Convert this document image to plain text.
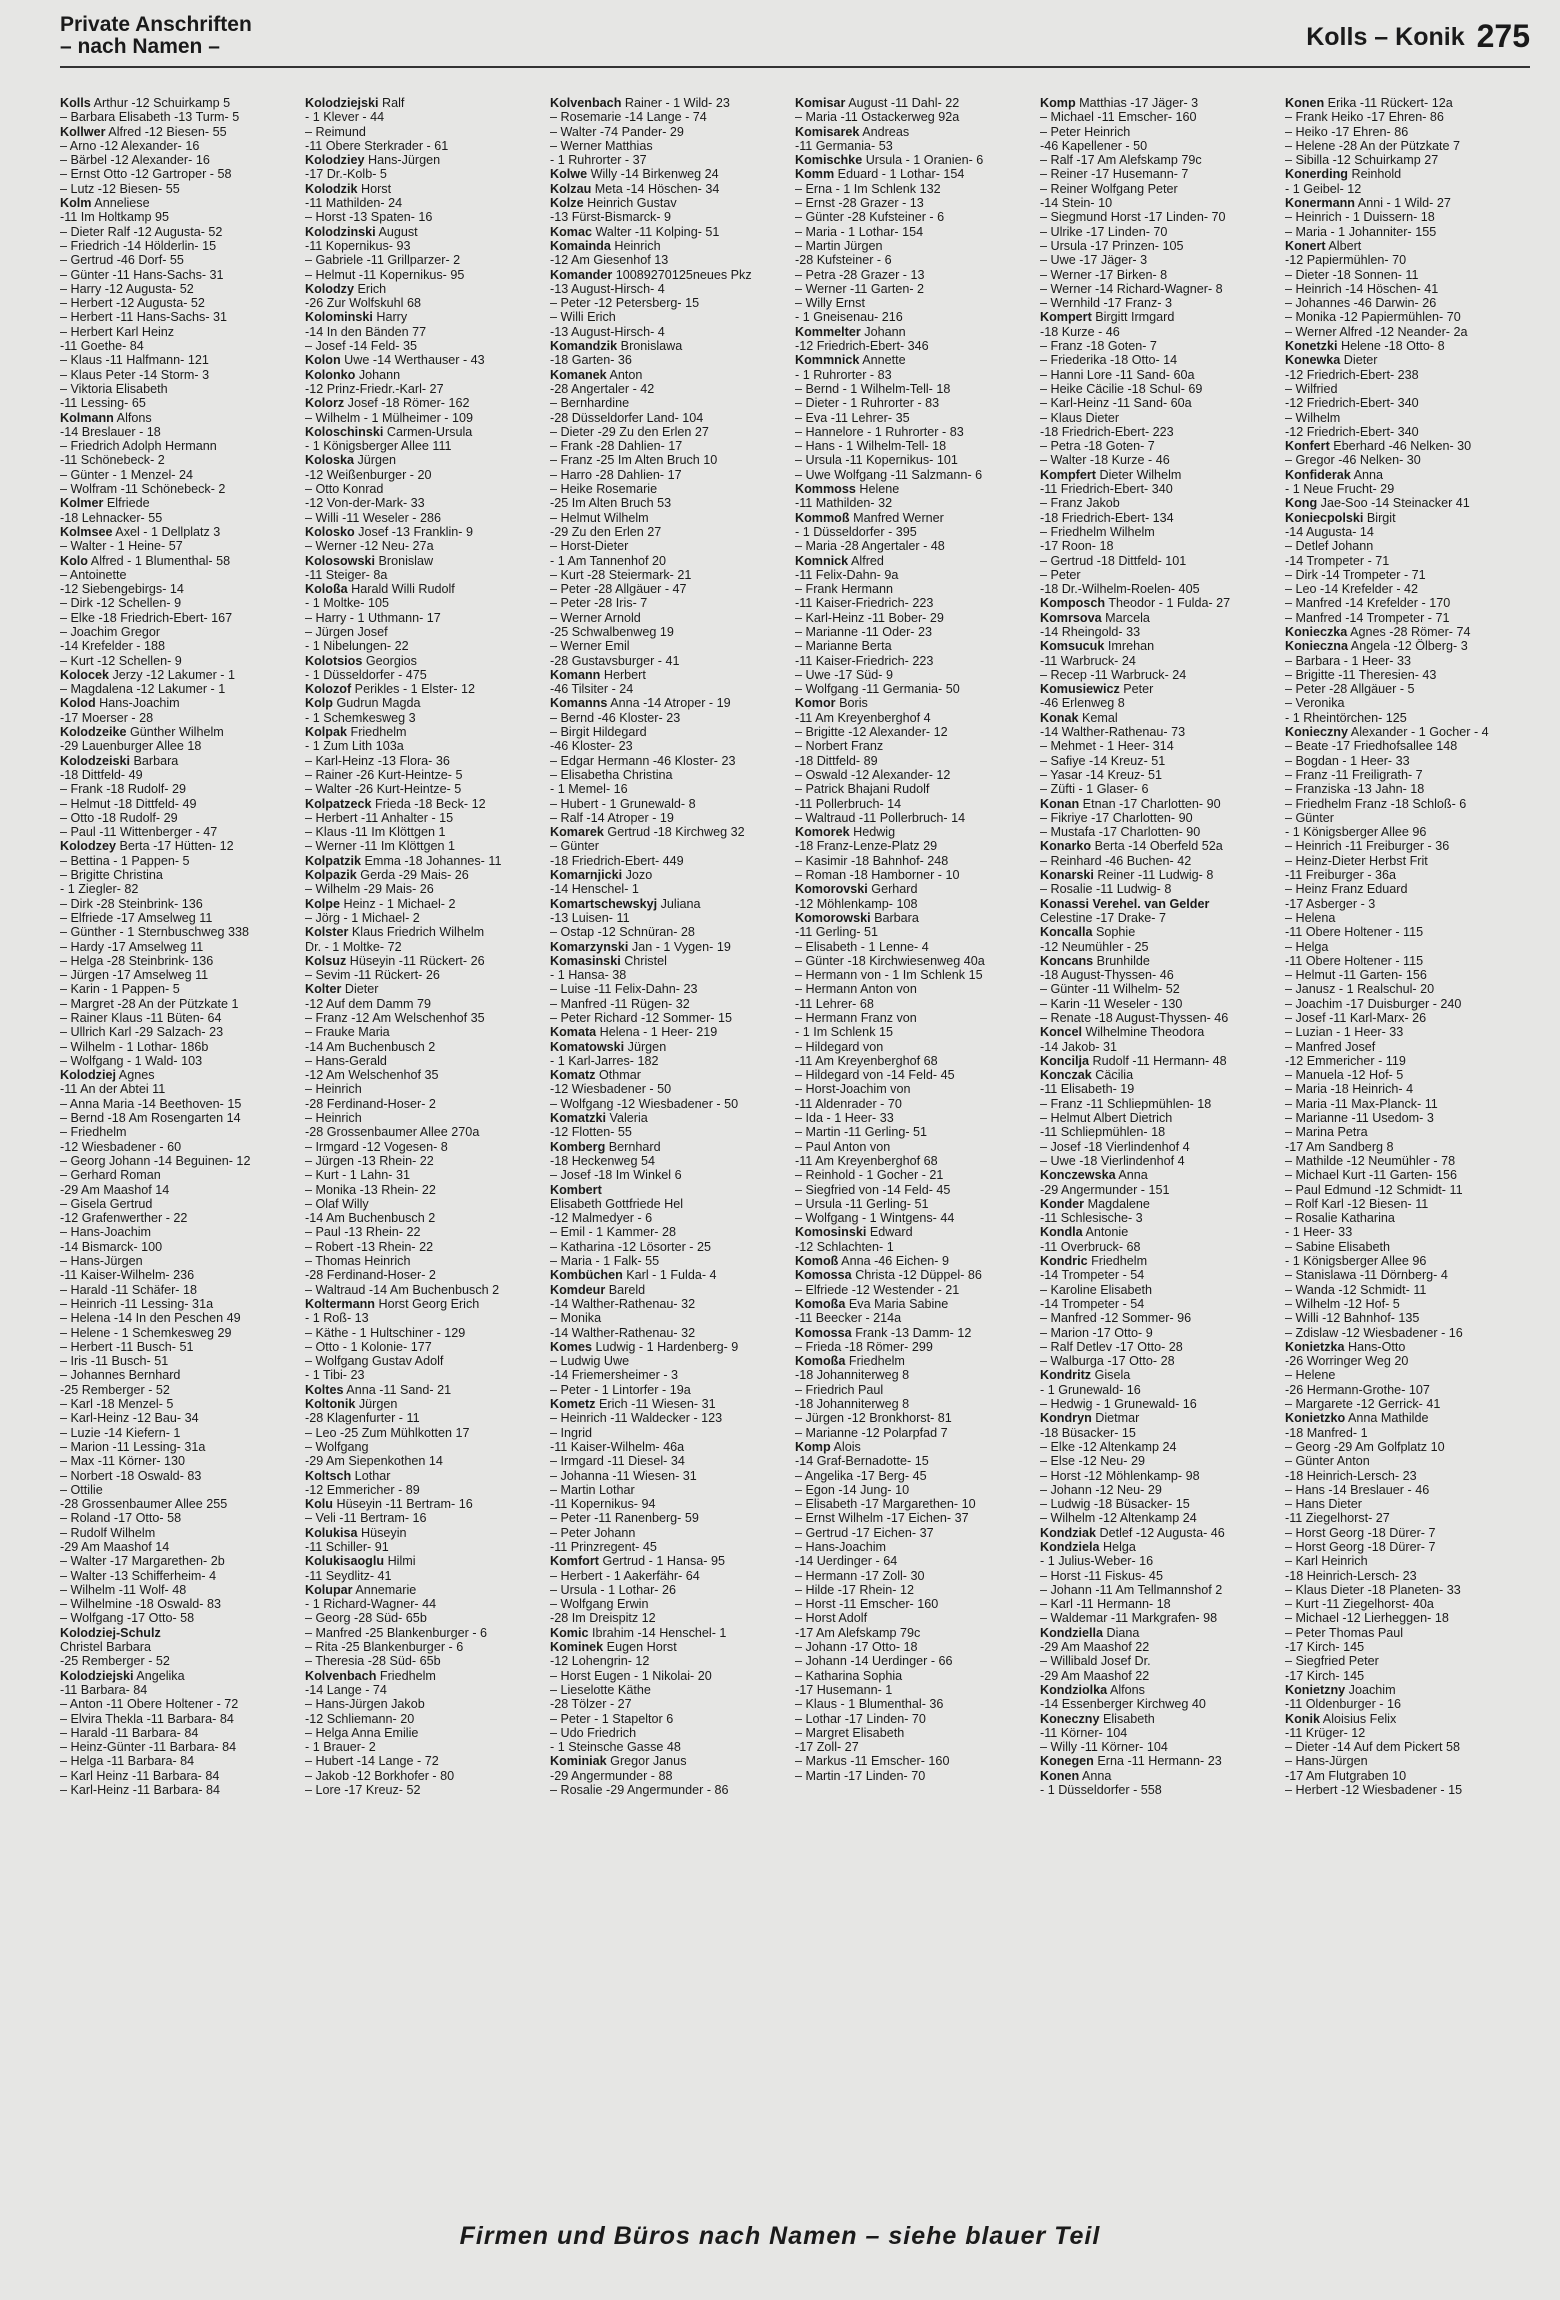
Private Anschriften
– nach Namen –	Kolls – Konik 275
Kolls Arthur -12 Schuirkamp 5
– Barbara Elisabeth -13 Turm- 5
Kollwer Alfred -12 Biesen- 55
– Arno -12 Alexander- 16
– Bärbel -12 Alexander- 16
– Ernst Otto -12 Gartroper - 58
– Lutz -12 Biesen- 55
Kolm Anneliese
-11 Im Holtkamp 95
– Dieter Ralf -12 Augusta- 52
– Friedrich -14 Hölderlin- 15
– Gertrud -46 Dorf- 55
– Günter -11 Hans-Sachs- 31
– Harry -12 Augusta- 52
– Herbert -12 Augusta- 52
– Herbert -11 Hans-Sachs- 31
– Herbert Karl Heinz
-11 Goethe- 84
– Klaus -11 Halfmann- 121
– Klaus Peter -14 Storm- 3
– Viktoria Elisabeth
-11 Lessing- 65
Kolmann Alfons
-14 Breslauer - 18
– Friedrich Adolph Hermann
-11 Schönebeck- 2
– Günter - 1 Menzel- 24
– Wolfram -11 Schönebeck- 2
Kolmer Elfriede
-18 Lehnacker- 55
Kolmsee Axel - 1 Dellplatz 3
– Walter - 1 Heine- 57
Kolo Alfred - 1 Blumenthal- 58
– Antoinette
-12 Siebengebirgs- 14
– Dirk -12 Schellen- 9
– Elke -18 Friedrich-Ebert- 167
– Joachim Gregor
-14 Krefelder - 188
– Kurt -12 Schellen- 9
Kolocek Jerzy -12 Lakumer - 1
– Magdalena -12 Lakumer - 1
Kolod Hans-Joachim
-17 Moerser - 28
Kolodzeike Günther Wilhelm
-29 Lauenburger Allee 18
Kolodzeiski Barbara
-18 Dittfeld- 49
– Frank -18 Rudolf- 29
– Helmut -18 Dittfeld- 49
– Otto -18 Rudolf- 29
– Paul -11 Wittenberger - 47
Kolodzey Berta -17 Hütten- 12
– Bettina - 1 Pappen- 5
– Brigitte Christina
- 1 Ziegler- 82
– Dirk -28 Steinbrink- 136
– Elfriede -17 Amselweg 11
– Günther - 1 Sternbuschweg 338
– Hardy -17 Amselweg 11
– Helga -28 Steinbrink- 136
– Jürgen -17 Amselweg 11
– Karin - 1 Pappen- 5
– Margret -28 An der Pützkate 1
– Rainer Klaus -11 Büten- 64
– Ullrich Karl -29 Salzach- 23
– Wilhelm - 1 Lothar- 186b
– Wolfgang - 1 Wald- 103
Kolodziej Agnes
-11 An der Abtei 11
– Anna Maria -14 Beethoven- 15
– Bernd -18 Am Rosengarten 14
– Friedhelm
-12 Wiesbadener - 60
– Georg Johann -14 Beguinen- 12
– Gerhard Roman
-29 Am Maashof 14
– Gisela Gertrud
-12 Grafenwerther - 22
– Hans-Joachim
-14 Bismarck- 100
– Hans-Jürgen
-11 Kaiser-Wilhelm- 236
– Harald -11 Schäfer- 18
– Heinrich -11 Lessing- 31a
– Helena -14 In den Peschen 49
– Helene - 1 Schemkesweg 29
– Herbert -11 Busch- 51
– Iris -11 Busch- 51
– Johannes Bernhard
-25 Remberger - 52
– Karl -18 Menzel- 5
– Karl-Heinz -12 Bau- 34
– Luzie -14 Kiefern- 1
– Marion -11 Lessing- 31a
– Max -11 Körner- 130
– Norbert -18 Oswald- 83
– Ottilie
-28 Grossenbaumer Allee 255
– Roland -17 Otto- 58
– Rudolf Wilhelm
-29 Am Maashof 14
– Walter -17 Margarethen- 2b
– Walter -13 Schifferheim- 4
– Wilhelm -11 Wolf- 48
– Wilhelmine -18 Oswald- 83
– Wolfgang -17 Otto- 58
Kolodziej-Schulz
Christel Barbara
-25 Remberger - 52
Kolodziejski Angelika
-11 Barbara- 84
– Anton -11 Obere Holtener - 72
– Elvira Thekla -11 Barbara- 84
– Harald -11 Barbara- 84
– Heinz-Günter -11 Barbara- 84
– Helga -11 Barbara- 84
– Karl Heinz -11 Barbara- 84
– Karl-Heinz -11 Barbara- 84
Kolodziejski Ralf
- 1 Klever - 44
– Reimund
-11 Obere Sterkrader - 61
Kolodziey Hans-Jürgen
-17 Dr.-Kolb- 5
Kolodzik Horst
-11 Mathilden- 24
– Horst -13 Spaten- 16
Kolodzinski August
-11 Kopernikus- 93
– Gabriele -11 Grillparzer- 2
– Helmut -11 Kopernikus- 95
Kolodzy Erich
-26 Zur Wolfskuhl 68
Kolominski Harry
-14 In den Bänden 77
– Josef -14 Feld- 35
Kolon Uwe -14 Werthauser - 43
Kolonko Johann
-12 Prinz-Friedr.-Karl- 27
Kolorz Josef -18 Römer- 162
– Wilhelm - 1 Mülheimer - 109
Koloschinski Carmen-Ursula
- 1 Königsberger Allee 111
Koloska Jürgen
-12 Weißenburger - 20
– Otto Konrad
-12 Von-der-Mark- 33
– Willi -11 Weseler - 286
Kolosko Josef -13 Franklin- 9
– Werner -12 Neu- 27a
Kolosowski Bronislaw
-11 Steiger- 8a
Koloßa Harald Willi Rudolf
- 1 Moltke- 105
– Harry - 1 Uthmann- 17
– Jürgen Josef
- 1 Nibelungen- 22
Kolotsios Georgios
- 1 Düsseldorfer - 475
Kolozof Perikles - 1 Elster- 12
Kolp Gudrun Magda
- 1 Schemkesweg 3
Kolpak Friedhelm
- 1 Zum Lith 103a
– Karl-Heinz -13 Flora- 36
– Rainer -26 Kurt-Heintze- 5
– Walter -26 Kurt-Heintze- 5
Kolpatzeck Frieda -18 Beck- 12
– Herbert -11 Anhalter - 15
– Klaus -11 Im Klöttgen 1
– Werner -11 Im Klöttgen 1
Kolpatzik Emma -18 Johannes- 11
Kolpazik Gerda -29 Mais- 26
– Wilhelm -29 Mais- 26
Kolpe Heinz - 1 Michael- 2
– Jörg - 1 Michael- 2
Kolster Klaus Friedrich Wilhelm
Dr. - 1 Moltke- 72
Kolsuz Hüseyin -11 Rückert- 26
– Sevim -11 Rückert- 26
Kolter Dieter
-12 Auf dem Damm 79
– Franz -12 Am Welschenhof 35
– Frauke Maria
-14 Am Buchenbusch 2
– Hans-Gerald
-12 Am Welschenhof 35
– Heinrich
-28 Ferdinand-Hoser- 2
– Heinrich
-28 Grossenbaumer Allee 270a
– Irmgard -12 Vogesen- 8
– Jürgen -13 Rhein- 22
– Kurt - 1 Lahn- 31
– Monika -13 Rhein- 22
– Olaf Willy
-14 Am Buchenbusch 2
– Paul -13 Rhein- 22
– Robert -13 Rhein- 22
– Thomas Heinrich
-28 Ferdinand-Hoser- 2
– Waltraud -14 Am Buchenbusch 2
Koltermann Horst Georg Erich
- 1 Roß- 13
– Käthe - 1 Hultschiner - 129
– Otto - 1 Kolonie- 177
– Wolfgang Gustav Adolf
- 1 Tibi- 23
Koltes Anna -11 Sand- 21
Koltonik Jürgen
-28 Klagenfurter - 11
– Leo -25 Zum Mühlkotten 17
– Wolfgang
-29 Am Siepenkothen 14
Koltsch Lothar
-12 Emmericher - 89
Kolu Hüseyin -11 Bertram- 16
– Veli -11 Bertram- 16
Kolukisa Hüseyin
-11 Schiller- 91
Kolukisaoglu Hilmi
-11 Seydlitz- 41
Kolupar Annemarie
- 1 Richard-Wagner- 44
– Georg -28 Süd- 65b
– Manfred -25 Blankenburger - 6
– Rita -25 Blankenburger - 6
– Theresia -28 Süd- 65b
Kolvenbach Friedhelm
-14 Lange - 74
– Hans-Jürgen Jakob
-12 Schliemann- 20
– Helga Anna Emilie
- 1 Brauer- 2
– Hubert -14 Lange - 72
– Jakob -12 Borkhofer - 80
– Lore -17 Kreuz- 52
Kolvenbach Rainer - 1 Wild- 23
– Rosemarie -14 Lange - 74
– Walter -74 Pander- 29
– Werner Matthias
- 1 Ruhrorter - 37
Kolwe Willy -14 Birkenweg 24
Kolzau Meta -14 Höschen- 34
Kolze Heinrich Gustav
-13 Fürst-Bismarck- 9
Komac Walter -11 Kolping- 51
Komainda Heinrich
-12 Am Giesenhof 13
Komander 10089270125neues Pkz
-13 August-Hirsch- 4
– Peter -12 Petersberg- 15
– Willi Erich
-13 August-Hirsch- 4
Komandzik Bronislawa
-18 Garten- 36
Komanek Anton
-28 Angertaler - 42
– Bernhardine
-28 Düsseldorfer Land- 104
– Dieter -29 Zu den Erlen 27
– Frank -28 Dahlien- 17
– Franz -25 Im Alten Bruch 10
– Harro -28 Dahlien- 17
– Heike Rosemarie
-25 Im Alten Bruch 53
– Helmut Wilhelm
-29 Zu den Erlen 27
– Horst-Dieter
- 1 Am Tannenhof 20
– Kurt -28 Steiermark- 21
– Peter -28 Allgäuer - 47
– Peter -28 Iris- 7
– Werner Arnold
-25 Schwalbenweg 19
– Werner Emil
-28 Gustavsburger - 41
Komann Herbert
-46 Tilsiter - 24
Komanns Anna -14 Atroper - 19
– Bernd -46 Kloster- 23
– Birgit Hildegard
-46 Kloster- 23
– Edgar Hermann -46 Kloster- 23
– Elisabetha Christina
- 1 Memel- 16
– Hubert - 1 Grunewald- 8
– Ralf -14 Atroper - 19
Komarek Gertrud -18 Kirchweg 32
– Günter
-18 Friedrich-Ebert- 449
Komarnjicki Jozo
-14 Henschel- 1
Komartschewskyj Juliana
-13 Luisen- 11
– Ostap -12 Schnüran- 28
Komarzynski Jan - 1 Vygen- 19
Komasinski Christel
- 1 Hansa- 38
– Luise -11 Felix-Dahn- 23
– Manfred -11 Rügen- 32
– Peter Richard -12 Sommer- 15
Komata Helena - 1 Heer- 219
Komatowski Jürgen
- 1 Karl-Jarres- 182
Komatz Othmar
-12 Wiesbadener - 50
– Wolfgang -12 Wiesbadener - 50
Komatzki Valeria
-12 Flotten- 55
Komberg Bernhard
-18 Heckenweg 54
– Josef -18 Im Winkel 6
Kombert
Elisabeth Gottfriede Hel
-12 Malmedyer - 6
– Emil - 1 Kammer- 28
– Katharina -12 Lösorter - 25
– Maria - 1 Falk- 55
Kombüchen Karl - 1 Fulda- 4
Komdeur Bareld
-14 Walther-Rathenau- 32
– Monika
-14 Walther-Rathenau- 32
Komes Ludwig - 1 Hardenberg- 9
– Ludwig Uwe
-14 Friemersheimer - 3
– Peter - 1 Lintorfer - 19a
Kometz Erich -11 Wiesen- 31
– Heinrich -11 Waldecker - 123
– Ingrid
-11 Kaiser-Wilhelm- 46a
– Irmgard -11 Diesel- 34
– Johanna -11 Wiesen- 31
– Martin Lothar
-11 Kopernikus- 94
– Peter -11 Ranenberg- 59
– Peter Johann
-11 Prinzregent- 45
Komfort Gertrud - 1 Hansa- 95
– Herbert - 1 Aakerfähr- 64
– Ursula - 1 Lothar- 26
– Wolfgang Erwin
-28 Im Dreispitz 12
Komic Ibrahim -14 Henschel- 1
Kominek Eugen Horst
-12 Lohengrin- 12
– Horst Eugen - 1 Nikolai- 20
– Lieselotte Käthe
-28 Tölzer - 27
– Peter - 1 Stapeltor 6
– Udo Friedrich
- 1 Steinsche Gasse 48
Kominiak Gregor Janus
-29 Angermunder - 88
– Rosalie -29 Angermunder - 86
Komisar August -11 Dahl- 22
– Maria -11 Ostackerweg 92a
Komisarek Andreas
-11 Germania- 53
Komischke Ursula - 1 Oranien- 6
Komm Eduard - 1 Lothar- 154
– Erna - 1 Im Schlenk 132
– Ernst -28 Grazer - 13
– Günter -28 Kufsteiner - 6
– Maria - 1 Lothar- 154
– Martin Jürgen
-28 Kufsteiner - 6
– Petra -28 Grazer - 13
– Werner -11 Garten- 2
– Willy Ernst
- 1 Gneisenau- 216
Kommelter Johann
-12 Friedrich-Ebert- 346
Kommnick Annette
- 1 Ruhrorter - 83
– Bernd - 1 Wilhelm-Tell- 18
– Dieter - 1 Ruhrorter - 83
– Eva -11 Lehrer- 35
– Hannelore - 1 Ruhrorter - 83
– Hans - 1 Wilhelm-Tell- 18
– Ursula -11 Kopernikus- 101
– Uwe Wolfgang -11 Salzmann- 6
Kommoss Helene
-11 Mathilden- 32
Kommoß Manfred Werner
- 1 Düsseldorfer - 395
– Maria -28 Angertaler - 48
Komnick Alfred
-11 Felix-Dahn- 9a
– Frank Hermann
-11 Kaiser-Friedrich- 223
– Karl-Heinz -11 Bober- 29
– Marianne -11 Oder- 23
– Marianne Berta
-11 Kaiser-Friedrich- 223
– Uwe -17 Süd- 9
– Wolfgang -11 Germania- 50
Komor Boris
-11 Am Kreyenberghof 4
– Brigitte -12 Alexander- 12
– Norbert Franz
-18 Dittfeld- 89
– Oswald -12 Alexander- 12
– Patrick Bhajani Rudolf
-11 Pollerbruch- 14
– Waltraud -11 Pollerbruch- 14
Komorek Hedwig
-18 Franz-Lenze-Platz 29
– Kasimir -18 Bahnhof- 248
– Roman -18 Hamborner - 10
Komorovski Gerhard
-12 Möhlenkamp- 108
Komorowski Barbara
-11 Gerling- 51
– Elisabeth - 1 Lenne- 4
– Günter -18 Kirchwiesenweg 40a
– Hermann von - 1 Im Schlenk 15
– Hermann Anton von
-11 Lehrer- 68
– Hermann Franz von
- 1 Im Schlenk 15
– Hildegard von
-11 Am Kreyenberghof 68
– Hildegard von -14 Feld- 45
– Horst-Joachim von
-11 Aldenrader - 70
– Ida - 1 Heer- 33
– Martin -11 Gerling- 51
– Paul Anton von
-11 Am Kreyenberghof 68
– Reinhold - 1 Gocher - 21
– Siegfried von -14 Feld- 45
– Ursula -11 Gerling- 51
– Wolfgang - 1 Wintgens- 44
Komosinski Edward
-12 Schlachten- 1
Komoß Anna -46 Eichen- 9
Komossa Christa -12 Düppel- 86
– Elfriede -12 Westender - 21
Komoßa Eva Maria Sabine
-11 Beecker - 214a
Komossa Frank -13 Damm- 12
– Frieda -18 Römer- 299
Komoßa Friedhelm
-18 Johanniterweg 8
– Friedrich Paul
-18 Johanniterweg 8
– Jürgen -12 Bronkhorst- 81
– Marianne -12 Polarpfad 7
Komp Alois
-14 Graf-Bernadotte- 15
– Angelika -17 Berg- 45
– Egon -14 Jung- 10
– Elisabeth -17 Margarethen- 10
– Ernst Wilhelm -17 Eichen- 37
– Gertrud -17 Eichen- 37
– Hans-Joachim
-14 Uerdinger - 64
– Hermann -17 Zoll- 30
– Hilde -17 Rhein- 12
– Horst -11 Emscher- 160
– Horst Adolf
-17 Am Alefskamp 79c
– Johann -17 Otto- 18
– Johann -14 Uerdinger - 66
– Katharina Sophia
-17 Husemann- 1
– Klaus - 1 Blumenthal- 36
– Lothar -17 Linden- 70
– Margret Elisabeth
-17 Zoll- 27
– Markus -11 Emscher- 160
– Martin -17 Linden- 70
Komp Matthias -17 Jäger- 3
– Michael -11 Emscher- 160
– Peter Heinrich
-46 Kapellener - 50
– Ralf -17 Am Alefskamp 79c
– Reiner -17 Husemann- 7
– Reiner Wolfgang Peter
-14 Stein- 10
– Siegmund Horst -17 Linden- 70
– Ulrike -17 Linden- 70
– Ursula -17 Prinzen- 105
– Uwe -17 Jäger- 3
– Werner -17 Birken- 8
– Werner -14 Richard-Wagner- 8
– Wernhild -17 Franz- 3
Kompert Birgitt Irmgard
-18 Kurze - 46
– Franz -18 Goten- 7
– Friederika -18 Otto- 14
– Hanni Lore -11 Sand- 60a
– Heike Cäcilie -18 Schul- 69
– Karl-Heinz -11 Sand- 60a
– Klaus Dieter
-18 Friedrich-Ebert- 223
– Petra -18 Goten- 7
– Walter -18 Kurze - 46
Kompfert Dieter Wilhelm
-11 Friedrich-Ebert- 340
– Franz Jakob
-18 Friedrich-Ebert- 134
– Friedhelm Wilhelm
-17 Roon- 18
– Gertrud -18 Dittfeld- 101
– Peter
-18 Dr.-Wilhelm-Roelen- 405
Komposch Theodor - 1 Fulda- 27
Komrsova Marcela
-14 Rheingold- 33
Komsucuk Imrehan
-11 Warbruck- 24
– Recep -11 Warbruck- 24
Komusiewicz Peter
-46 Erlenweg 8
Konak Kemal
-14 Walther-Rathenau- 73
– Mehmet - 1 Heer- 314
– Safiye -14 Kreuz- 51
– Yasar -14 Kreuz- 51
– Züfti - 1 Glaser- 6
Konan Etnan -17 Charlotten- 90
– Fikriye -17 Charlotten- 90
– Mustafa -17 Charlotten- 90
Konarko Berta -14 Oberfeld 52a
– Reinhard -46 Buchen- 42
Konarski Reiner -11 Ludwig- 8
– Rosalie -11 Ludwig- 8
Konassi Verehel. van Gelder
Celestine -17 Drake- 7
Koncalla Sophie
-12 Neumühler - 25
Koncans Brunhilde
-18 August-Thyssen- 46
– Günter -11 Wilhelm- 52
– Karin -11 Weseler - 130
– Renate -18 August-Thyssen- 46
Koncel Wilhelmine Theodora
-14 Jakob- 31
Koncilja Rudolf -11 Hermann- 48
Konczak Cäcilia
-11 Elisabeth- 19
– Franz -11 Schliepmühlen- 18
– Helmut Albert Dietrich
-11 Schliepmühlen- 18
– Josef -18 Vierlindenhof 4
– Uwe -18 Vierlindenhof 4
Konczewska Anna
-29 Angermunder - 151
Konder Magdalene
-11 Schlesische- 3
Kondla Antonie
-11 Overbruck- 68
Kondric Friedhelm
-14 Trompeter - 54
– Karoline Elisabeth
-14 Trompeter - 54
– Manfred -12 Sommer- 96
– Marion -17 Otto- 9
– Ralf Detlev -17 Otto- 28
– Walburga -17 Otto- 28
Kondritz Gisela
- 1 Grunewald- 16
– Hedwig - 1 Grunewald- 16
Kondryn Dietmar
-18 Büsacker- 15
– Elke -12 Altenkamp 24
– Else -12 Neu- 29
– Horst -12 Möhlenkamp- 98
– Johann -12 Neu- 29
– Ludwig -18 Büsacker- 15
– Wilhelm -12 Altenkamp 24
Kondziak Detlef -12 Augusta- 46
Kondziela Helga
- 1 Julius-Weber- 16
– Horst -11 Fiskus- 45
– Johann -11 Am Tellmannshof 2
– Karl -11 Hermann- 18
– Waldemar -11 Markgrafen- 98
Kondziella Diana
-29 Am Maashof 22
– Willibald Josef Dr.
-29 Am Maashof 22
Kondziolka Alfons
-14 Essenberger Kirchweg 40
Koneczny Elisabeth
-11 Körner- 104
– Willy -11 Körner- 104
Konegen Erna -11 Hermann- 23
Konen Anna
- 1 Düsseldorfer - 558
Konen Erika -11 Rückert- 12a
– Frank Heiko -17 Ehren- 86
– Heiko -17 Ehren- 86
– Helene -28 An der Pützkate 7
– Sibilla -12 Schuirkamp 27
Konerding Reinhold
- 1 Geibel- 12
Konermann Anni - 1 Wild- 27
– Heinrich - 1 Duissern- 18
– Maria - 1 Johanniter- 155
Konert Albert
-12 Papiermühlen- 70
– Dieter -18 Sonnen- 11
– Heinrich -14 Höschen- 41
– Johannes -46 Darwin- 26
– Monika -12 Papiermühlen- 70
– Werner Alfred -12 Neander- 2a
Konetzki Helene -18 Otto- 8
Konewka Dieter
-12 Friedrich-Ebert- 238
– Wilfried
-12 Friedrich-Ebert- 340
– Wilhelm
-12 Friedrich-Ebert- 340
Konfert Eberhard -46 Nelken- 30
– Gregor -46 Nelken- 30
Konfiderak Anna
- 1 Neue Frucht- 29
Kong Jae-Soo -14 Steinacker 41
Koniecpolski Birgit
-14 Augusta- 14
– Detlef Johann
-14 Trompeter - 71
– Dirk -14 Trompeter - 71
– Leo -14 Krefelder - 42
– Manfred -14 Krefelder - 170
– Manfred -14 Trompeter - 71
Konieczka Agnes -28 Römer- 74
Konieczna Angela -12 Ölberg- 3
– Barbara - 1 Heer- 33
– Brigitte -11 Theresien- 43
– Peter -28 Allgäuer - 5
– Veronika
- 1 Rheintörchen- 125
Konieczny Alexander - 1 Gocher - 4
– Beate -17 Friedhofsallee 148
– Bogdan - 1 Heer- 33
– Franz -11 Freiligrath- 7
– Franziska -13 Jahn- 18
– Friedhelm Franz -18 Schloß- 6
– Günter
- 1 Königsberger Allee 96
– Heinrich -11 Freiburger - 36
– Heinz-Dieter Herbst Frit
-11 Freiburger - 36a
– Heinz Franz Eduard
-17 Asberger - 3
– Helena
-11 Obere Holtener - 115
– Helga
-11 Obere Holtener - 115
– Helmut -11 Garten- 156
– Janusz - 1 Realschul- 20
– Joachim -17 Duisburger - 240
– Josef -11 Karl-Marx- 26
– Luzian - 1 Heer- 33
– Manfred Josef
-12 Emmericher - 119
– Manuela -12 Hof- 5
– Maria -18 Heinrich- 4
– Maria -11 Max-Planck- 11
– Marianne -11 Usedom- 3
– Marina Petra
-17 Am Sandberg 8
– Mathilde -12 Neumühler - 78
– Michael Kurt -11 Garten- 156
– Paul Edmund -12 Schmidt- 11
– Rolf Karl -12 Biesen- 11
– Rosalie Katharina
- 1 Heer- 33
– Sabine Elisabeth
- 1 Königsberger Allee 96
– Stanislawa -11 Dörnberg- 4
– Wanda -12 Schmidt- 11
– Wilhelm -12 Hof- 5
– Willi -12 Bahnhof- 135
– Zdislaw -12 Wiesbadener - 16
Konietzka Hans-Otto
-26 Worringer Weg 20
– Helene
-26 Hermann-Grothe- 107
– Margarete -12 Gerrick- 41
Konietzko Anna Mathilde
-18 Manfred- 1
– Georg -29 Am Golfplatz 10
– Günter Anton
-18 Heinrich-Lersch- 23
– Hans -14 Breslauer - 46
– Hans Dieter
-11 Ziegelhorst- 27
– Horst Georg -18 Dürer- 7
– Horst Georg -18 Dürer- 7
– Karl Heinrich
-18 Heinrich-Lersch- 23
– Klaus Dieter -18 Planeten- 33
– Kurt -11 Ziegelhorst- 40a
– Michael -12 Lierheggen- 18
– Peter Thomas Paul
-17 Kirch- 145
– Siegfried Peter
-17 Kirch- 145
Konietzny Joachim
-11 Oldenburger - 16
Konik Aloisius Felix
-11 Krüger- 12
– Dieter -14 Auf dem Pickert 58
– Hans-Jürgen
-17 Am Flutgraben 10
– Herbert -12 Wiesbadener - 15
Firmen und Büros nach Namen – siehe blauer Teil
